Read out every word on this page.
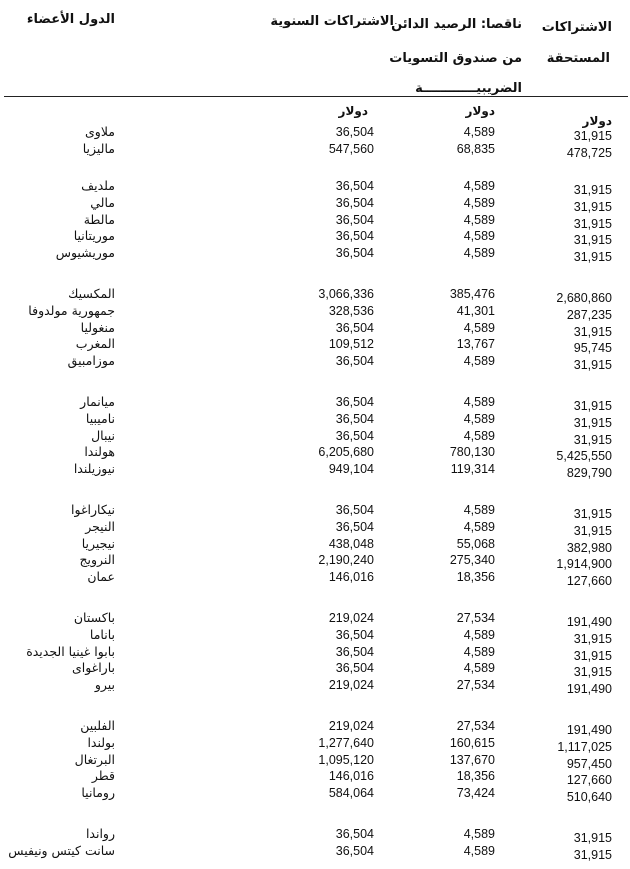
الدول الأعضاء	الاشتراكات السنوية
ناقصا: الرصيد الدائن
من صندوق التسويات
الضريبيــــــــــــة
الاشتراكات
المستحقة
دولار	دولار
دولار
ملاوى	36,504	4,589	31,915
ماليزيا	547,560	68,835	478,725
ملديف	36,504	4,589	31,915
مالي	36,504	4,589	31,915
مالطة	36,504	4,589	31,915
موريتانيا	36,504	4,589	31,915
موريشيوس	36,504	4,589	31,915
المكسيك	3,066,336	385,476	2,680,860
جمهورية مولدوفا	328,536	41,301	287,235
منغوليا	36,504	4,589	31,915
المغرب	109,512	13,767	95,745
موزامبيق	36,504	4,589	31,915
ميانمار	36,504	4,589	31,915
ناميبيا	36,504	4,589	31,915
نيبال	36,504	4,589	31,915
هولندا	6,205,680	780,130	5,425,550
نيوزيلندا	949,104	119,314	829,790
نيكاراغوا	36,504	4,589	31,915
النيجر	36,504	4,589	31,915
نيجيريا	438,048	55,068	382,980
النرويج	2,190,240	275,340	1,914,900
عمان	146,016	18,356	127,660
باكستان	219,024	27,534	191,490
باناما	36,504	4,589	31,915
بابوا غينيا الجديدة	36,504	4,589	31,915
باراغواى	36,504	4,589	31,915
بيرو	219,024	27,534	191,490
الفلبين	219,024	27,534	191,490
بولندا	1,277,640	160,615	1,117,025
البرتغال	1,095,120	137,670	957,450
قطر	146,016	18,356	127,660
رومانيا	584,064	73,424	510,640
رواندا	36,504	4,589	31,915
سانت كيتس ونيفيس	36,504	4,589	31,915
